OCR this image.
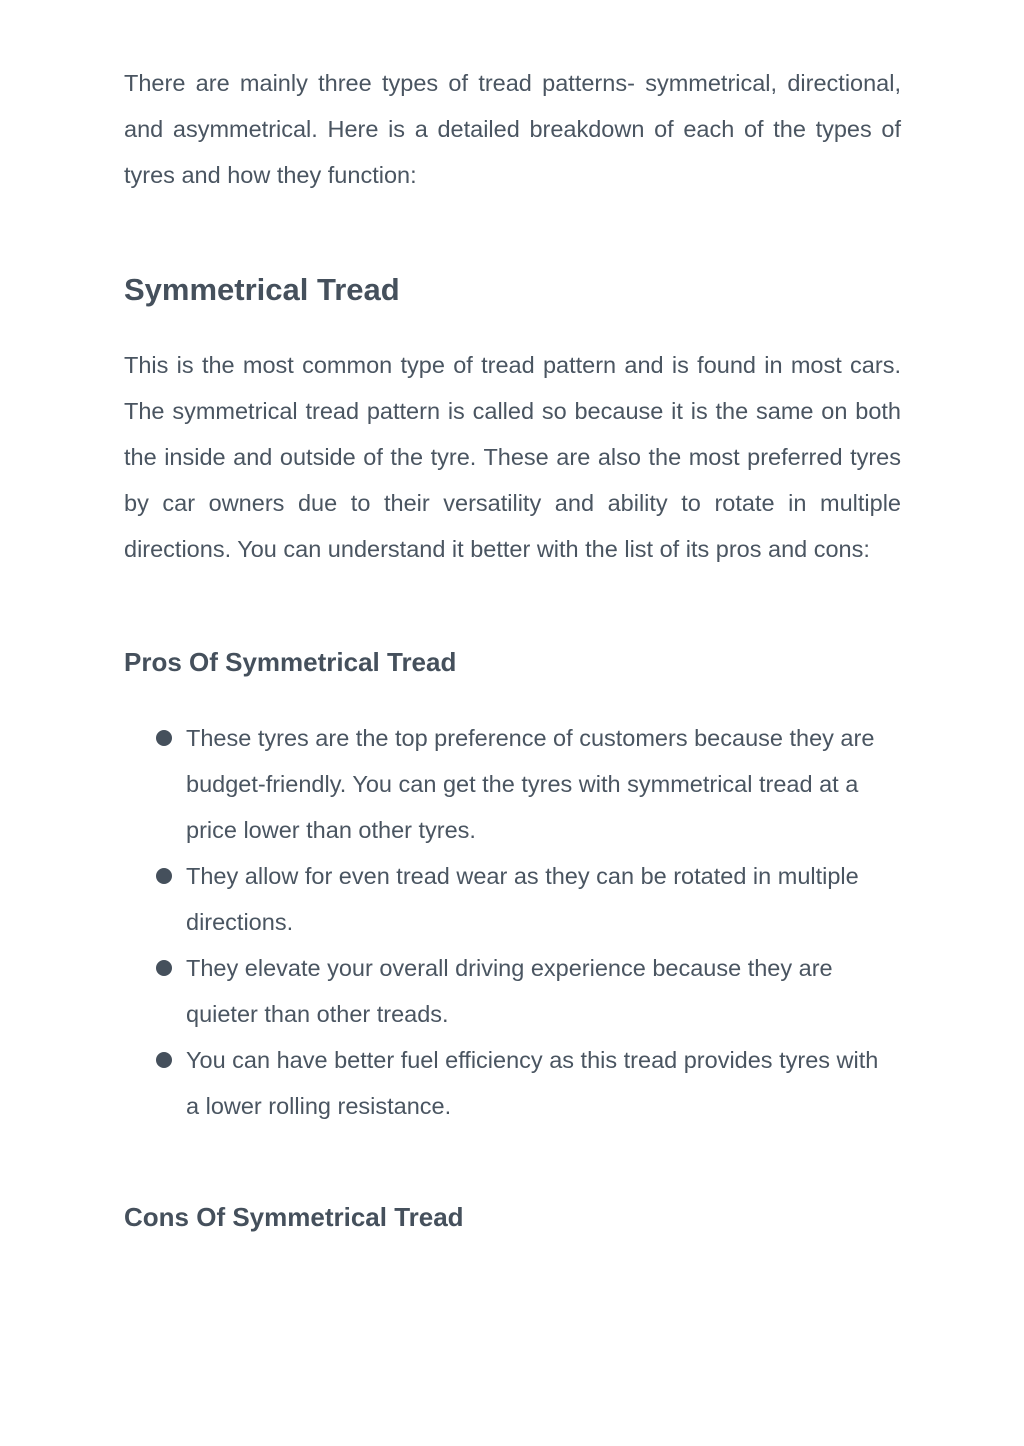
There are mainly three types of tread patterns- symmetrical, directional, and asymmetrical. Here is a detailed breakdown of each of the types of tyres and how they function:

Symmetrical Tread

This is the most common type of tread pattern and is found in most cars. The symmetrical tread pattern is called so because it is the same on both the inside and outside of the tyre. These are also the most preferred tyres by car owners due to their versatility and ability to rotate in multiple directions. You can understand it better with the list of its pros and cons:

Pros Of Symmetrical Tread
These tyres are the top preference of customers because they are budget-friendly. You can get the tyres with symmetrical tread at a price lower than other tyres.
They allow for even tread wear as they can be rotated in multiple directions.
They elevate your overall driving experience because they are quieter than other treads.
You can have better fuel efficiency as this tread provides tyres with a lower rolling resistance.
Cons Of Symmetrical Tread
